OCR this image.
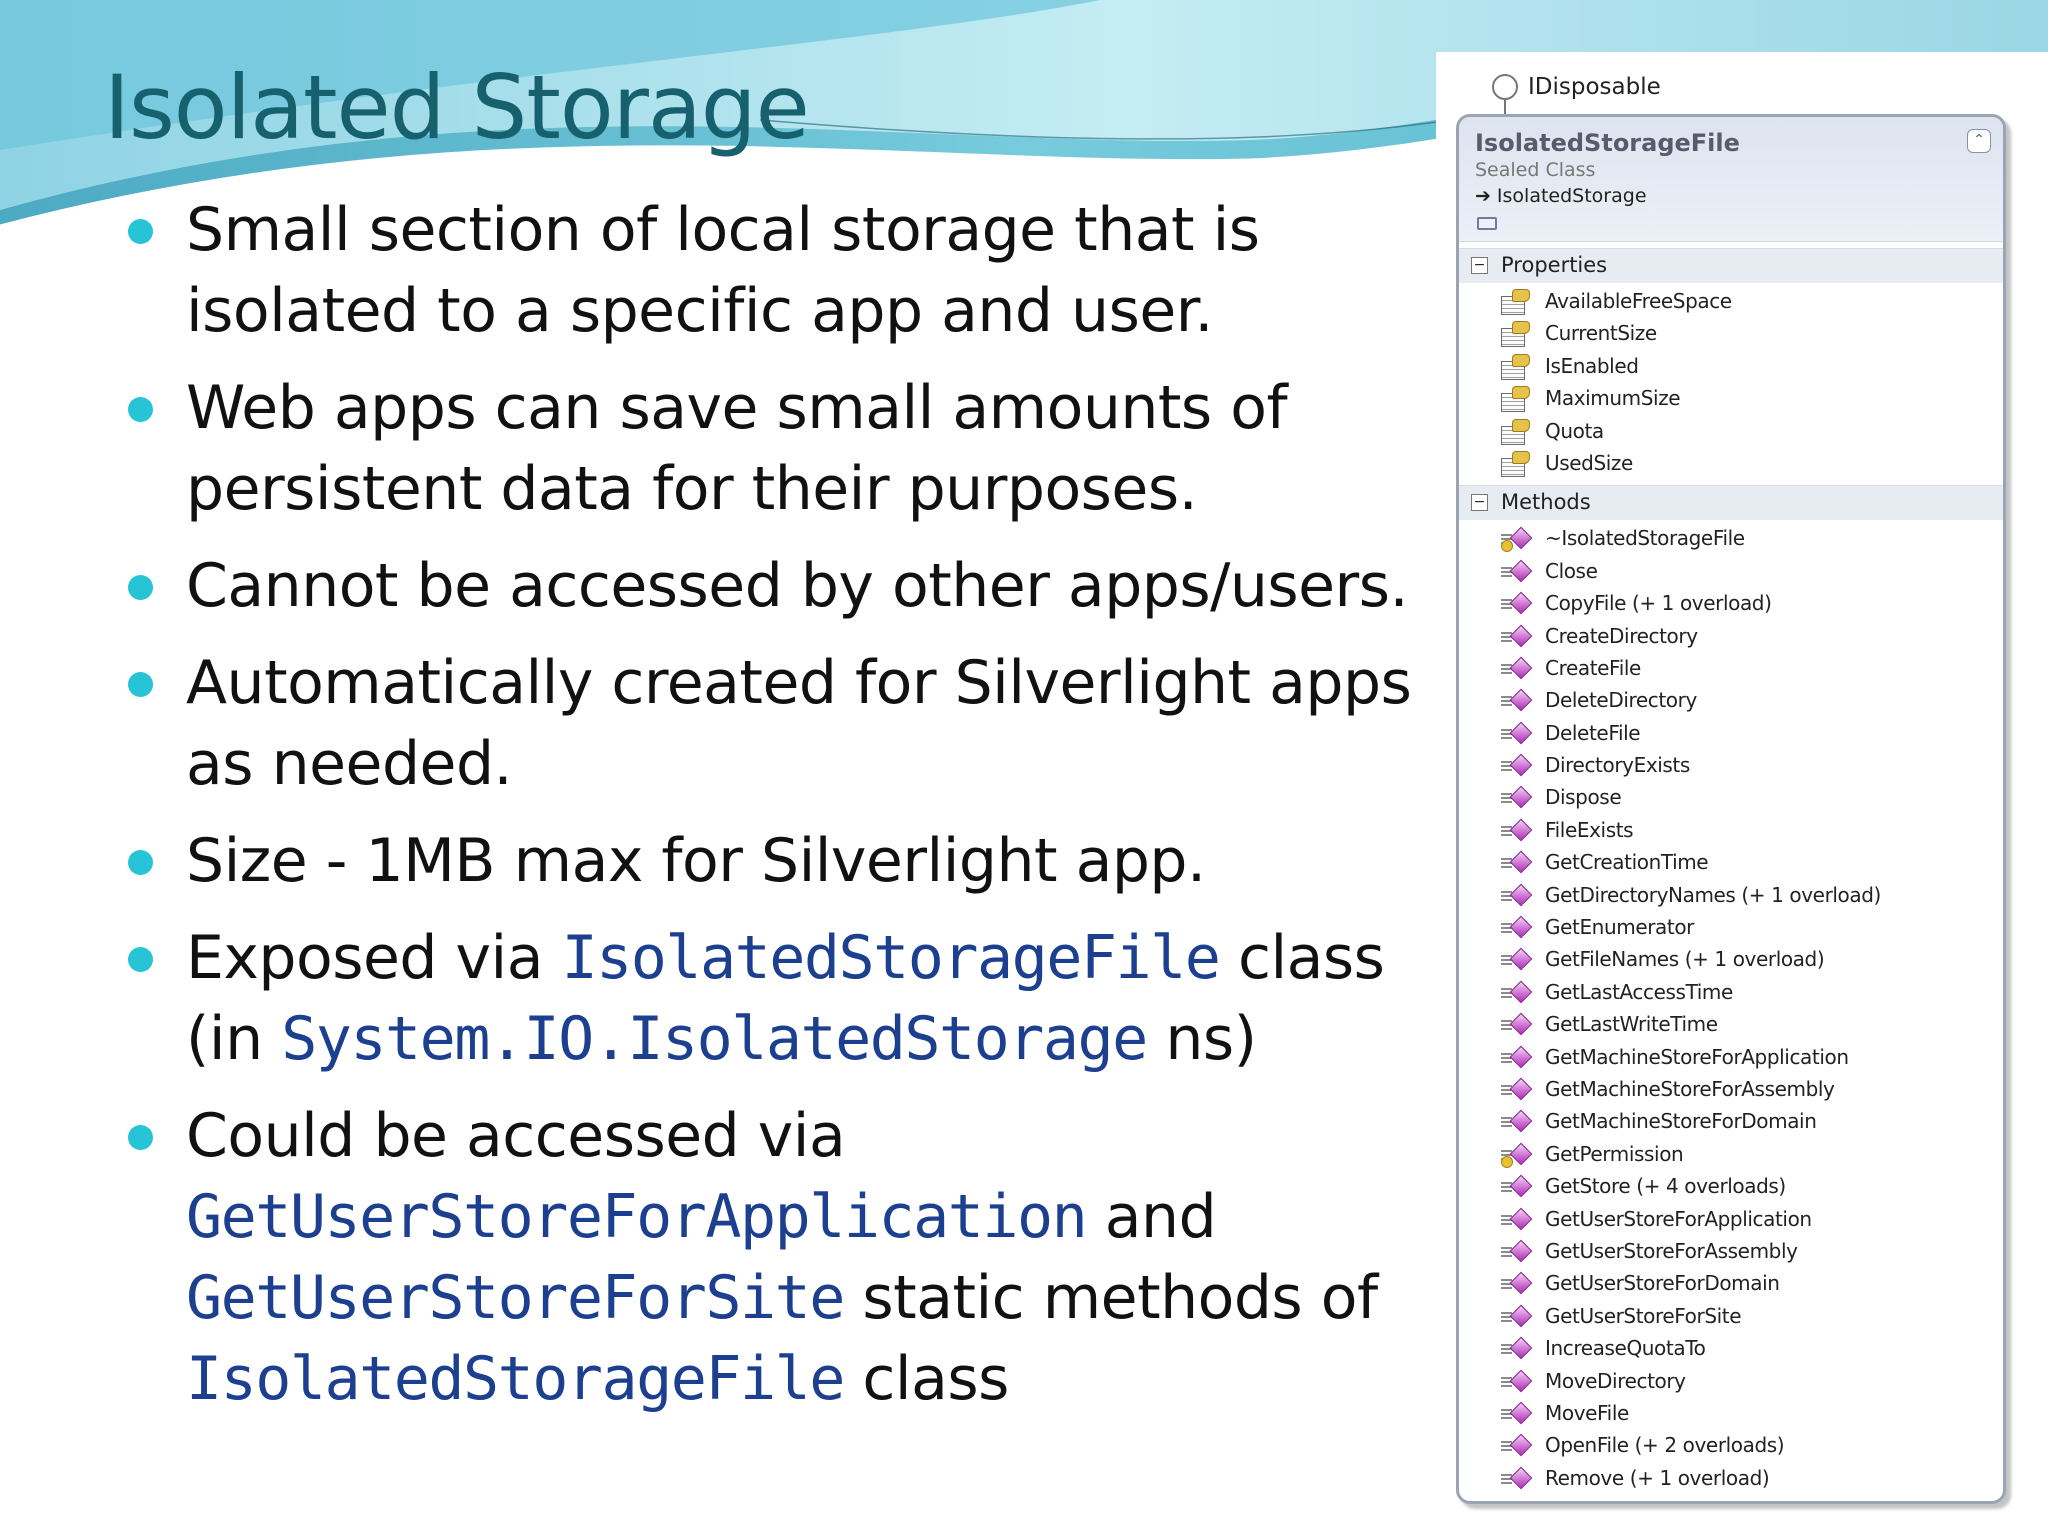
Isolated Storage
Small section of local storage that is isolated to a specific app and user.
Web apps can save small amounts of persistent data for their purposes.
Cannot be accessed by other apps/users.
Automatically created for Silverlight apps as needed.
Size - 1MB max for Silverlight app.
Exposed via IsolatedStorageFile class (in System.IO.IsolatedStorage ns)
Could be accessed via GetUserStoreForApplication and GetUserStoreForSite static methods of IsolatedStorageFile class
IDisposable
IsolatedStorageFile
Sealed Class
➔ IsolatedStorage
⌃
− Properties
AvailableFreeSpace
CurrentSize
IsEnabled
MaximumSize
Quota
UsedSize
− Methods
~IsolatedStorageFile
Close
CopyFile (+ 1 overload)
CreateDirectory
CreateFile
DeleteDirectory
DeleteFile
DirectoryExists
Dispose
FileExists
GetCreationTime
GetDirectoryNames (+ 1 overload)
GetEnumerator
GetFileNames (+ 1 overload)
GetLastAccessTime
GetLastWriteTime
GetMachineStoreForApplication
GetMachineStoreForAssembly
GetMachineStoreForDomain
GetPermission
GetStore (+ 4 overloads)
GetUserStoreForApplication
GetUserStoreForAssembly
GetUserStoreForDomain
GetUserStoreForSite
IncreaseQuotaTo
MoveDirectory
MoveFile
OpenFile (+ 2 overloads)
Remove (+ 1 overload)
